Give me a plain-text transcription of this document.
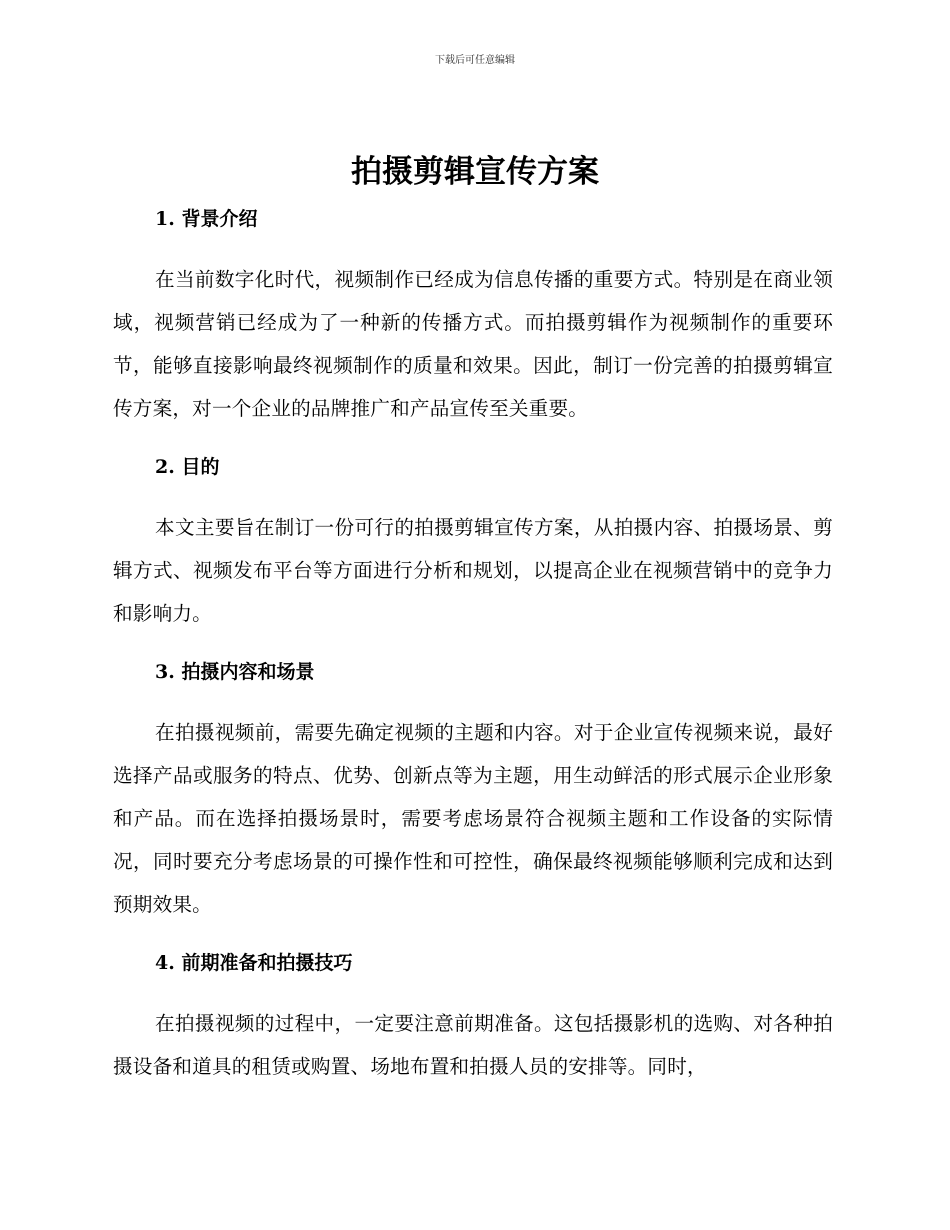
下载后可任意编辑
拍摄剪辑宣传方案
1. 背景介绍

在当前数字化时代，视频制作已经成为信息传播的重要方式。特别是在商业领域，视频营销已经成为了一种新的传播方式。而拍摄剪辑作为视频制作的重要环节，能够直接影响最终视频制作的质量和效果。因此，制订一份完善的拍摄剪辑宣传方案，对一个企业的品牌推广和产品宣传至关重要。

2. 目的

本文主要旨在制订一份可行的拍摄剪辑宣传方案，从拍摄内容、拍摄场景、剪辑方式、视频发布平台等方面进行分析和规划，以提高企业在视频营销中的竞争力和影响力。

3. 拍摄内容和场景

在拍摄视频前，需要先确定视频的主题和内容。对于企业宣传视频来说，最好选择产品或服务的特点、优势、创新点等为主题，用生动鲜活的形式展示企业形象和产品。而在选择拍摄场景时，需要考虑场景符合视频主题和工作设备的实际情况，同时要充分考虑场景的可操作性和可控性，确保最终视频能够顺利完成和达到预期效果。

4. 前期准备和拍摄技巧

在拍摄视频的过程中，一定要注意前期准备。这包括摄影机的选购、对各种拍摄设备和道具的租赁或购置、场地布置和拍摄人员的安排等。同时，
